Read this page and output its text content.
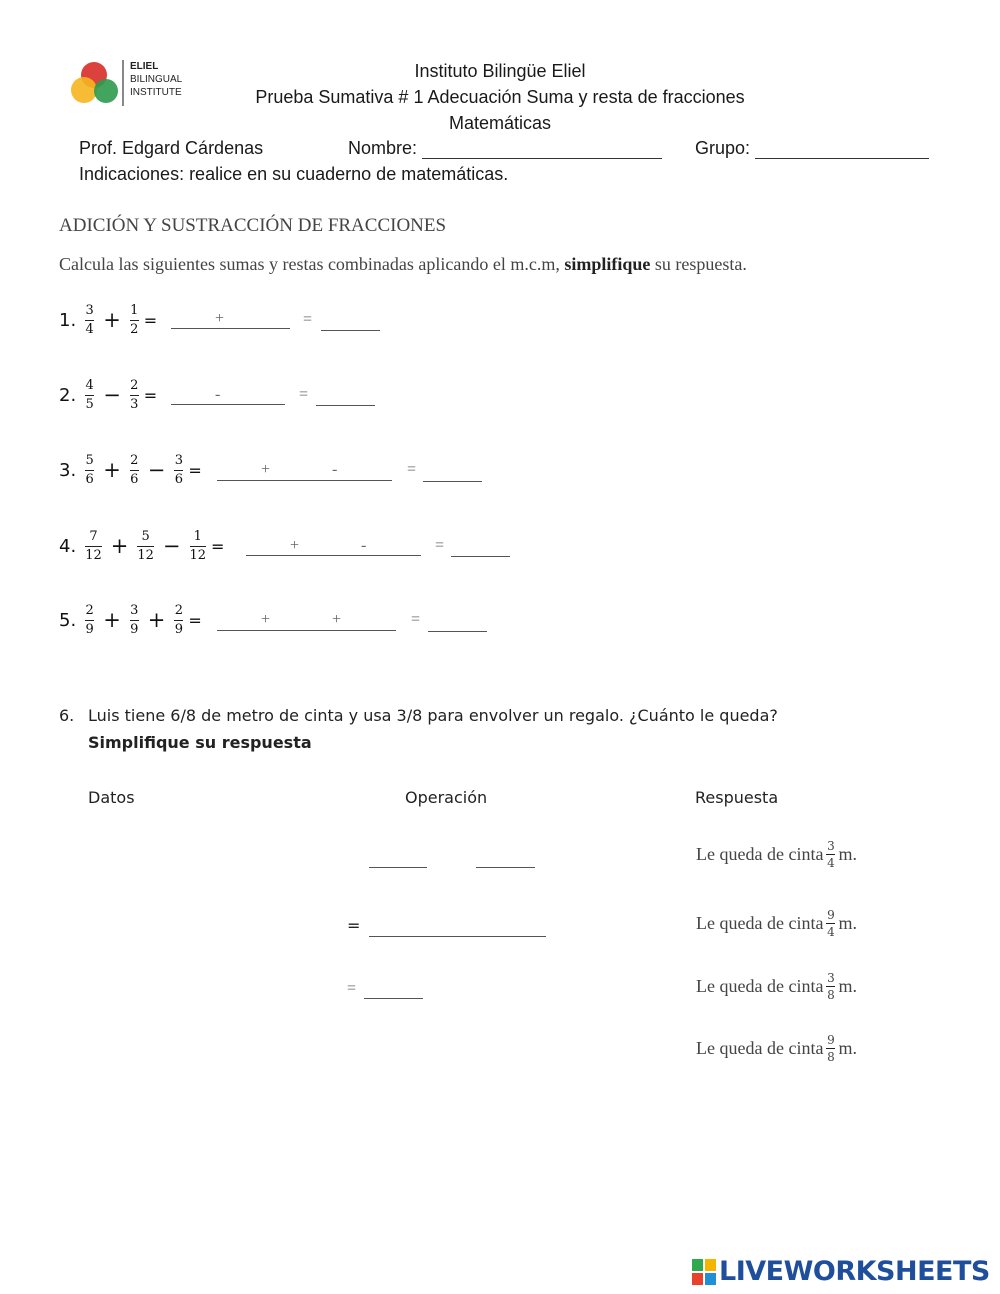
ELIEL
BILINGUAL
INSTITUTE
Instituto Bilingüe Eliel
Prueba Sumativa # 1 Adecuación Suma y resta de fracciones
Matemáticas
Prof. Edgard Cárdenas	Nombre:	Grupo:
Indicaciones: realice en su cuaderno de matemáticas.
ADICIÓN Y SUSTRACCIÓN DE FRACCIONES
Calcula las siguientes sumas y restas combinadas aplicando el m.c.m, simplifique su respuesta.
1. $\frac{3}{4} + \frac{1}{2}$ =	+	=
2. $\frac{4}{5} - \frac{2}{3}$ =	-	=
3. $\frac{5}{6} + \frac{2}{6} - \frac{3}{6}$ =	+	-	=
4. $\frac{7}{12} + \frac{5}{12} - \frac{1}{12}$ =	+	-	=
5. $\frac{2}{9} + \frac{3}{9} + \frac{2}{9}$ =	+	+	=
6. Luis tiene 6/8 de metro de cinta y usa 3/8 para envolver un regalo. ¿Cuánto le queda?
Simplifique su respuesta
Datos	Operación	Respuesta
=
=
Le queda de cinta $\frac{3}{4} m$.
Le queda de cinta $\frac{9}{4} m$.
Le queda de cinta $\frac{3}{8} m$.
Le queda de cinta $\frac{9}{8} m$.
LIVEWORKSHEETS
